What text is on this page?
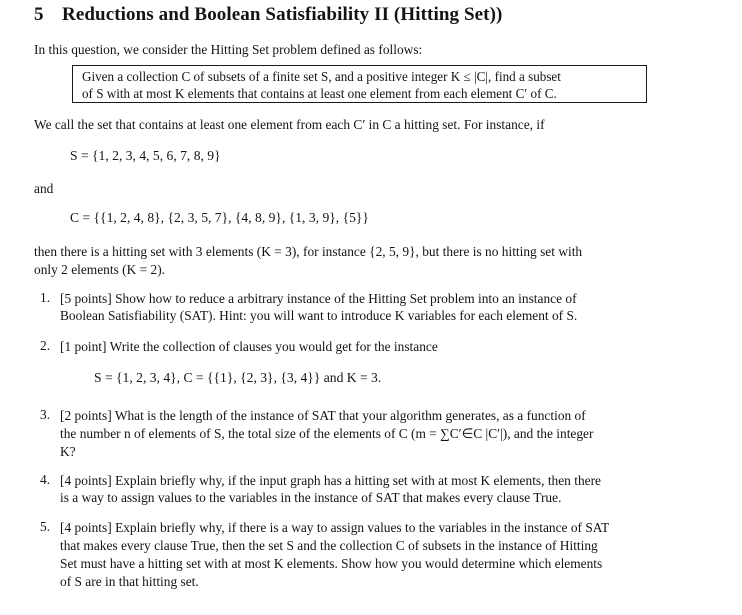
5 Reductions and Boolean Satisfiability II (Hitting Set))
In this question, we consider the Hitting Set problem defined as follows:
Given a collection C of subsets of a finite set S, and a positive integer K ≤ |C|, find a subset
of S with at most K elements that contains at least one element from each element C′ of C.
We call the set that contains at least one element from each C′ in C a hitting set. For instance, if
S = {1, 2, 3, 4, 5, 6, 7, 8, 9}
and
C = {{1, 2, 4, 8}, {2, 3, 5, 7}, {4, 8, 9}, {1, 3, 9}, {5}}
then there is a hitting set with 3 elements (K = 3), for instance {2, 5, 9}, but there is no hitting set with
only 2 elements (K = 2).
1. [5 points] Show how to reduce a arbitrary instance of the Hitting Set problem into an instance of
Boolean Satisfiability (SAT). Hint: you will want to introduce K variables for each element of S.
2. [1 point] Write the collection of clauses you would get for the instance
S = {1, 2, 3, 4}, C = {{1}, {2, 3}, {3, 4}} and K = 3.
3. [2 points] What is the length of the instance of SAT that your algorithm generates, as a function of
the number n of elements of S, the total size of the elements of C (m = ∑C′∈C |C′|), and the integer
K?
4. [4 points] Explain briefly why, if the input graph has a hitting set with at most K elements, then there
is a way to assign values to the variables in the instance of SAT that makes every clause True.
5. [4 points] Explain briefly why, if there is a way to assign values to the variables in the instance of SAT
that makes every clause True, then the set S and the collection C of subsets in the instance of Hitting
Set must have a hitting set with at most K elements. Show how you would determine which elements
of S are in that hitting set.
